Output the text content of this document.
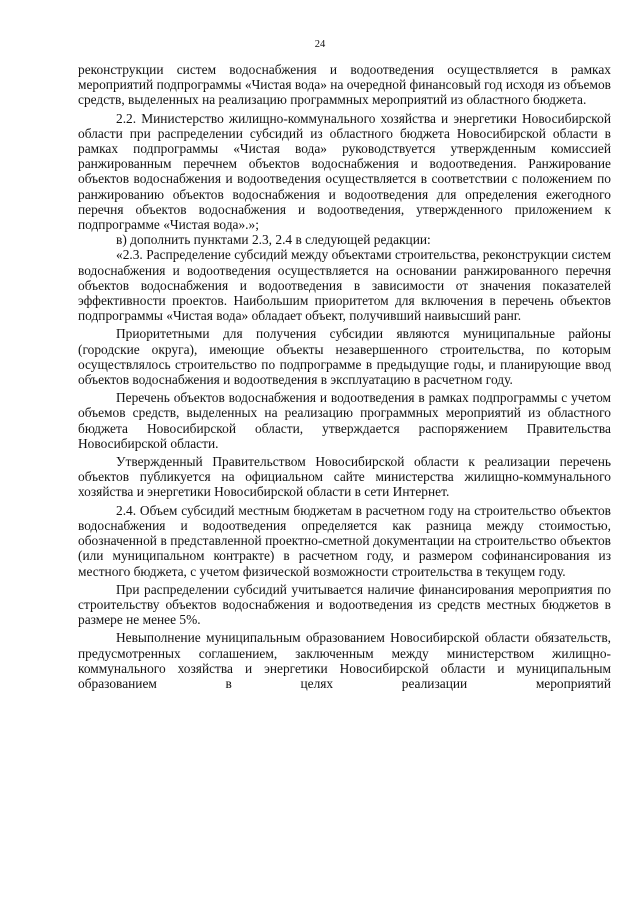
24

реконструкции систем водоснабжения и водоотведения осуществляется в рамках мероприятий подпрограммы «Чистая вода» на очередной финансовый год исходя из объемов средств, выделенных на реализацию программных мероприятий из областного бюджета.

2.2. Министерство жилищно-коммунального хозяйства и энергетики Новосибирской области при распределении субсидий из областного бюджета Новосибирской области в рамках подпрограммы «Чистая вода» руководствуется утвержденным комиссией ранжированным перечнем объектов водоснабжения и водоотведения. Ранжирование объектов водоснабжения и водоотведения осуществляется в соответствии с положением по ранжированию объектов водоснабжения и водоотведения для определения ежегодного перечня объектов водоснабжения и водоотведения, утвержденного приложением к подпрограмме «Чистая вода».»;

в) дополнить пунктами 2.3, 2.4 в следующей редакции:

«2.3. Распределение субсидий между объектами строительства, реконструкции систем водоснабжения и водоотведения осуществляется на основании ранжированного перечня объектов водоснабжения и водоотведения в зависимости от значения показателей эффективности проектов. Наибольшим приоритетом для включения в перечень объектов подпрограммы «Чистая вода» обладает объект, получивший наивысший ранг.

Приоритетными для получения субсидии являются муниципальные районы (городские округа), имеющие объекты незавершенного строительства, по которым осуществлялось строительство по подпрограмме в предыдущие годы, и планирующие ввод объектов водоснабжения и водоотведения в эксплуатацию в расчетном году.

Перечень объектов водоснабжения и водоотведения в рамках подпрограммы с учетом объемов средств, выделенных на реализацию программных мероприятий из областного бюджета Новосибирской области, утверждается распоряжением Правительства Новосибирской области.

Утвержденный Правительством Новосибирской области к реализации перечень объектов публикуется на официальном сайте министерства жилищно-коммунального хозяйства и энергетики Новосибирской области в сети Интернет.

2.4. Объем субсидий местным бюджетам в расчетном году на строительство объектов водоснабжения и водоотведения определяется как разница между стоимостью, обозначенной в представленной проектно-сметной документации на строительство объектов (или муниципальном контракте) в расчетном году, и размером софинансирования из местного бюджета, с учетом физической возможности строительства в текущем году.

При распределении субсидий учитывается наличие финансирования мероприятия по строительству объектов водоснабжения и водоотведения из средств местных бюджетов в размере не менее 5%.

Невыполнение муниципальным образованием Новосибирской области обязательств, предусмотренных соглашением, заключенным между министерством жилищно-коммунального хозяйства и энергетики Новосибирской области и муниципальным образованием в целях реализации мероприятий
